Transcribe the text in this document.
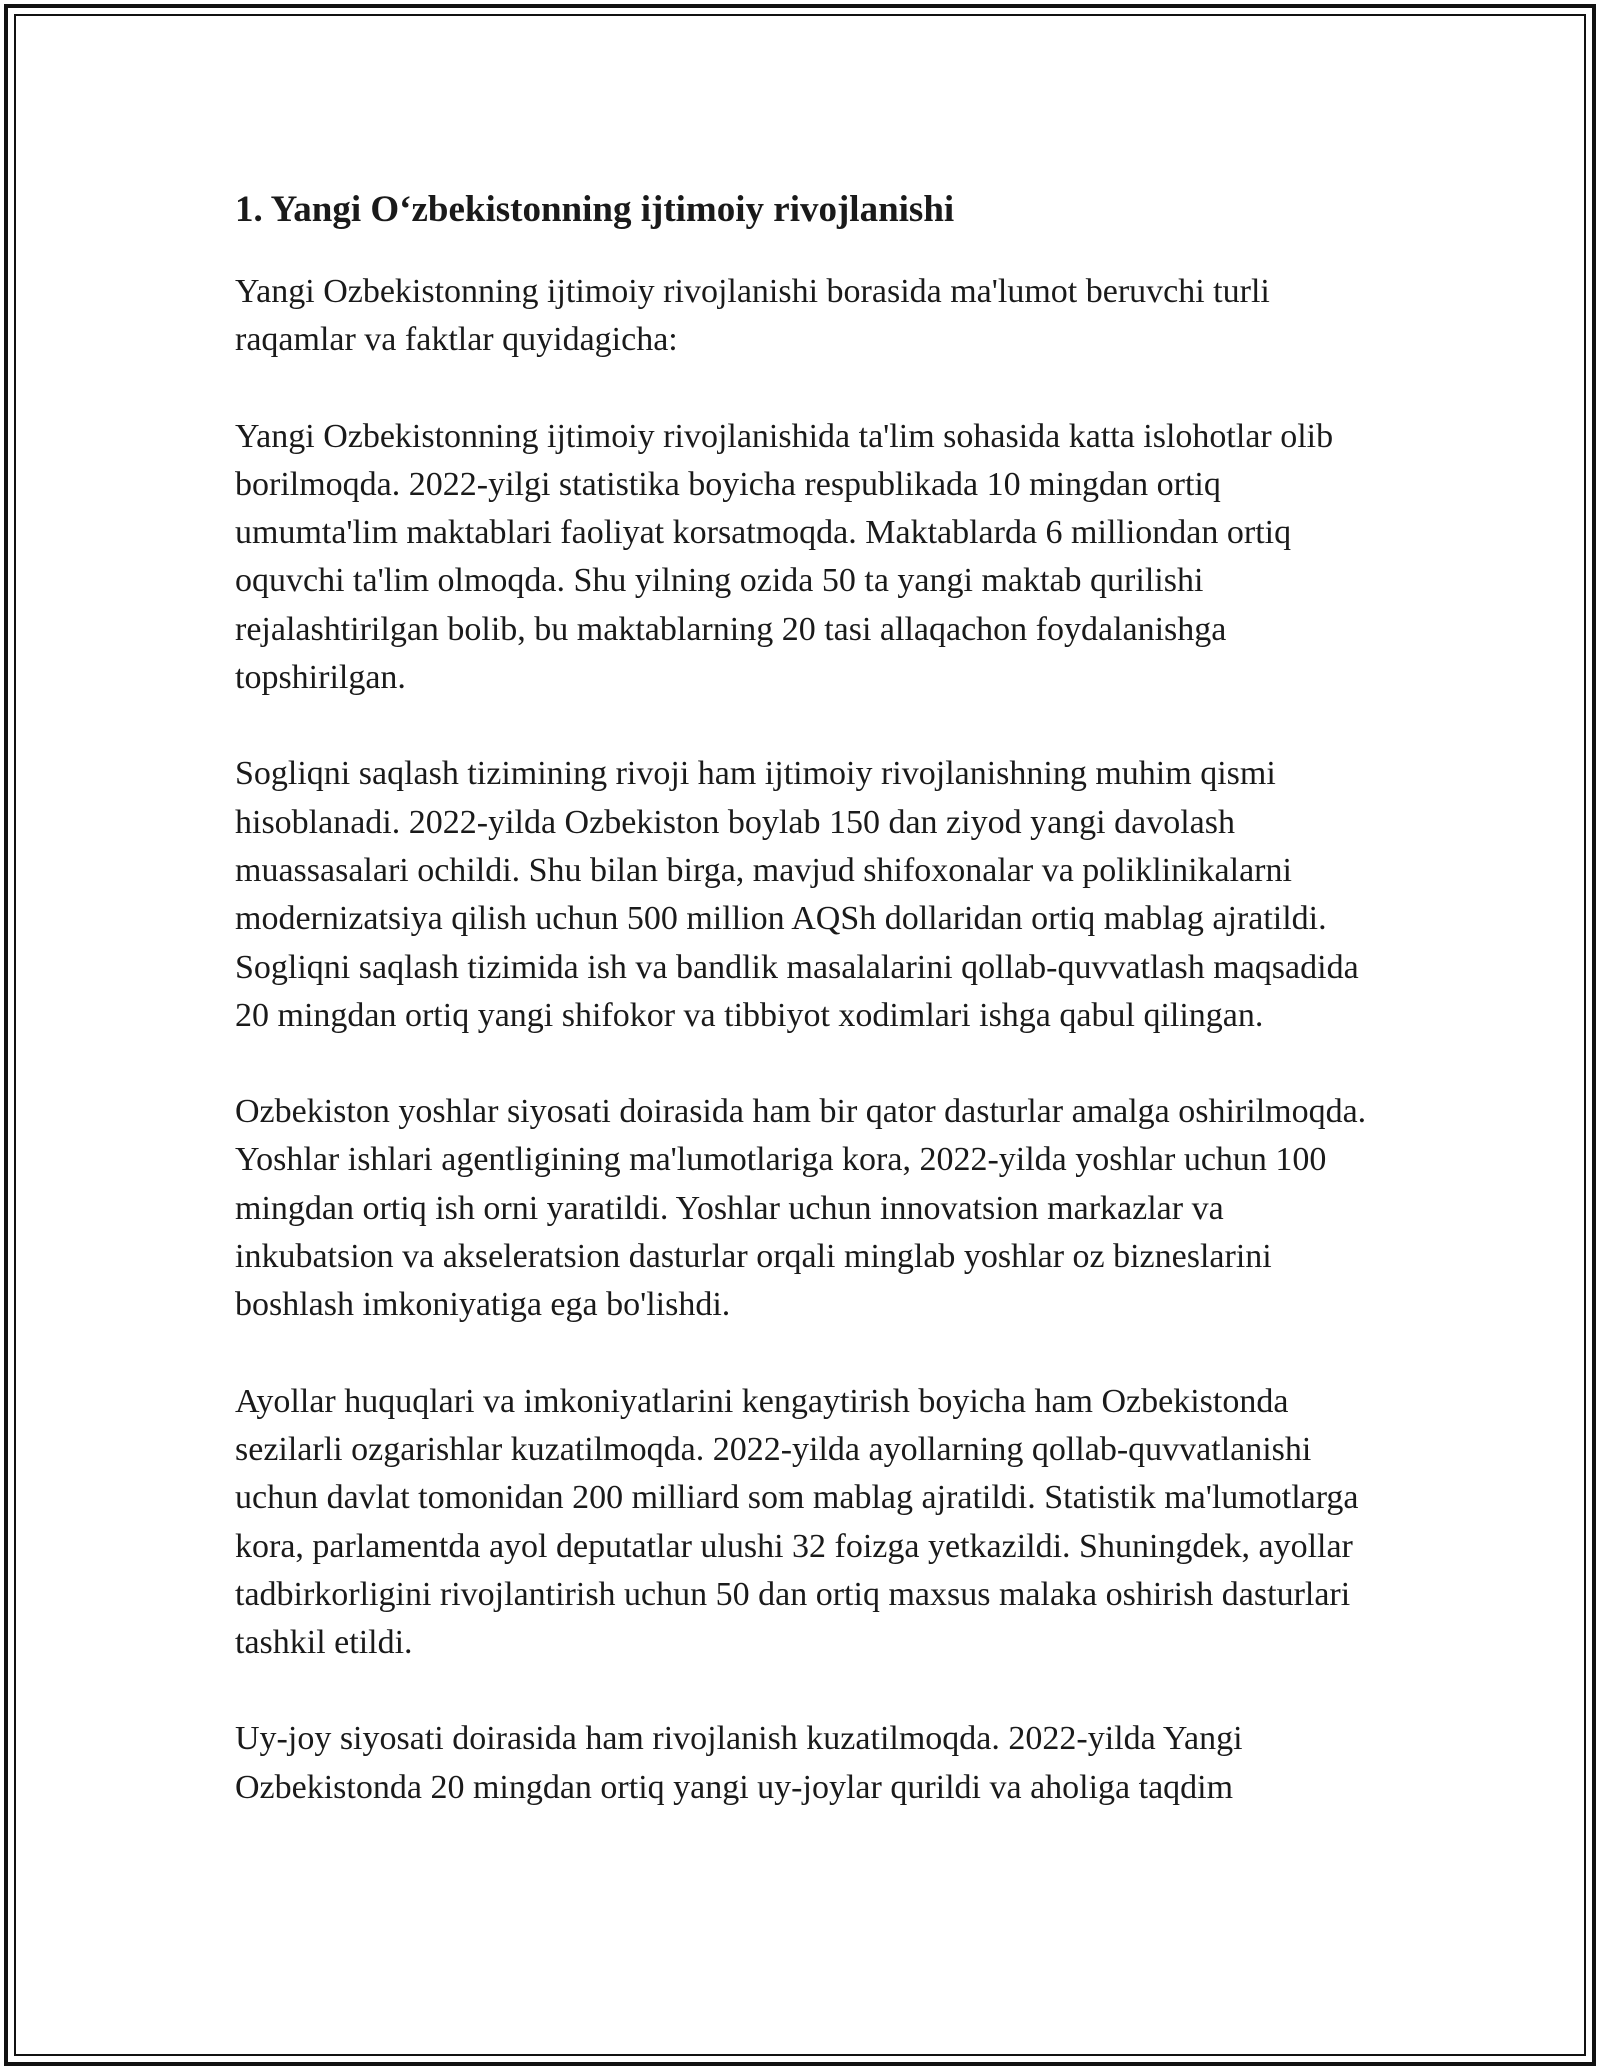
1. Yangi O‘zbekistonning ijtimoiy rivojlanishi

Yangi Ozbekistonning ijtimoiy rivojlanishi borasida ma'lumot beruvchi turli raqamlar va faktlar quyidagicha:

Yangi Ozbekistonning ijtimoiy rivojlanishida ta'lim sohasida katta islohotlar olib borilmoqda. 2022-yilgi statistika boyicha respublikada 10 mingdan ortiq umumta'lim maktablari faoliyat korsatmoqda. Maktablarda 6 milliondan ortiq oquvchi ta'lim olmoqda. Shu yilning ozida 50 ta yangi maktab qurilishi rejalashtirilgan bolib, bu maktablarning 20 tasi allaqachon foydalanishga topshirilgan.

Sogliqni saqlash tizimining rivoji ham ijtimoiy rivojlanishning muhim qismi hisoblanadi. 2022-yilda Ozbekiston boylab 150 dan ziyod yangi davolash muassasalari ochildi. Shu bilan birga, mavjud shifoxonalar va poliklinikalarni modernizatsiya qilish uchun 500 million AQSh dollaridan ortiq mablag ajratildi. Sogliqni saqlash tizimida ish va bandlik masalalarini qollab-quvvatlash maqsadida 20 mingdan ortiq yangi shifokor va tibbiyot xodimlari ishga qabul qilingan.

Ozbekiston yoshlar siyosati doirasida ham bir qator dasturlar amalga oshirilmoqda. Yoshlar ishlari agentligining ma'lumotlariga kora, 2022-yilda yoshlar uchun 100 mingdan ortiq ish orni yaratildi. Yoshlar uchun innovatsion markazlar va inkubatsion va akseleratsion dasturlar orqali minglab yoshlar oz bizneslarini boshlash imkoniyatiga ega bo'lishdi.

Ayollar huquqlari va imkoniyatlarini kengaytirish boyicha ham Ozbekistonda sezilarli ozgarishlar kuzatilmoqda. 2022-yilda ayollarning qollab-quvvatlanishi uchun davlat tomonidan 200 milliard som mablag ajratildi. Statistik ma'lumotlarga kora, parlamentda ayol deputatlar ulushi 32 foizga yetkazildi. Shuningdek, ayollar tadbirkorligini rivojlantirish uchun 50 dan ortiq maxsus malaka oshirish dasturlari tashkil etildi.

Uy-joy siyosati doirasida ham rivojlanish kuzatilmoqda. 2022-yilda Yangi Ozbekistonda 20 mingdan ortiq yangi uy-joylar qurildi va aholiga taqdim
